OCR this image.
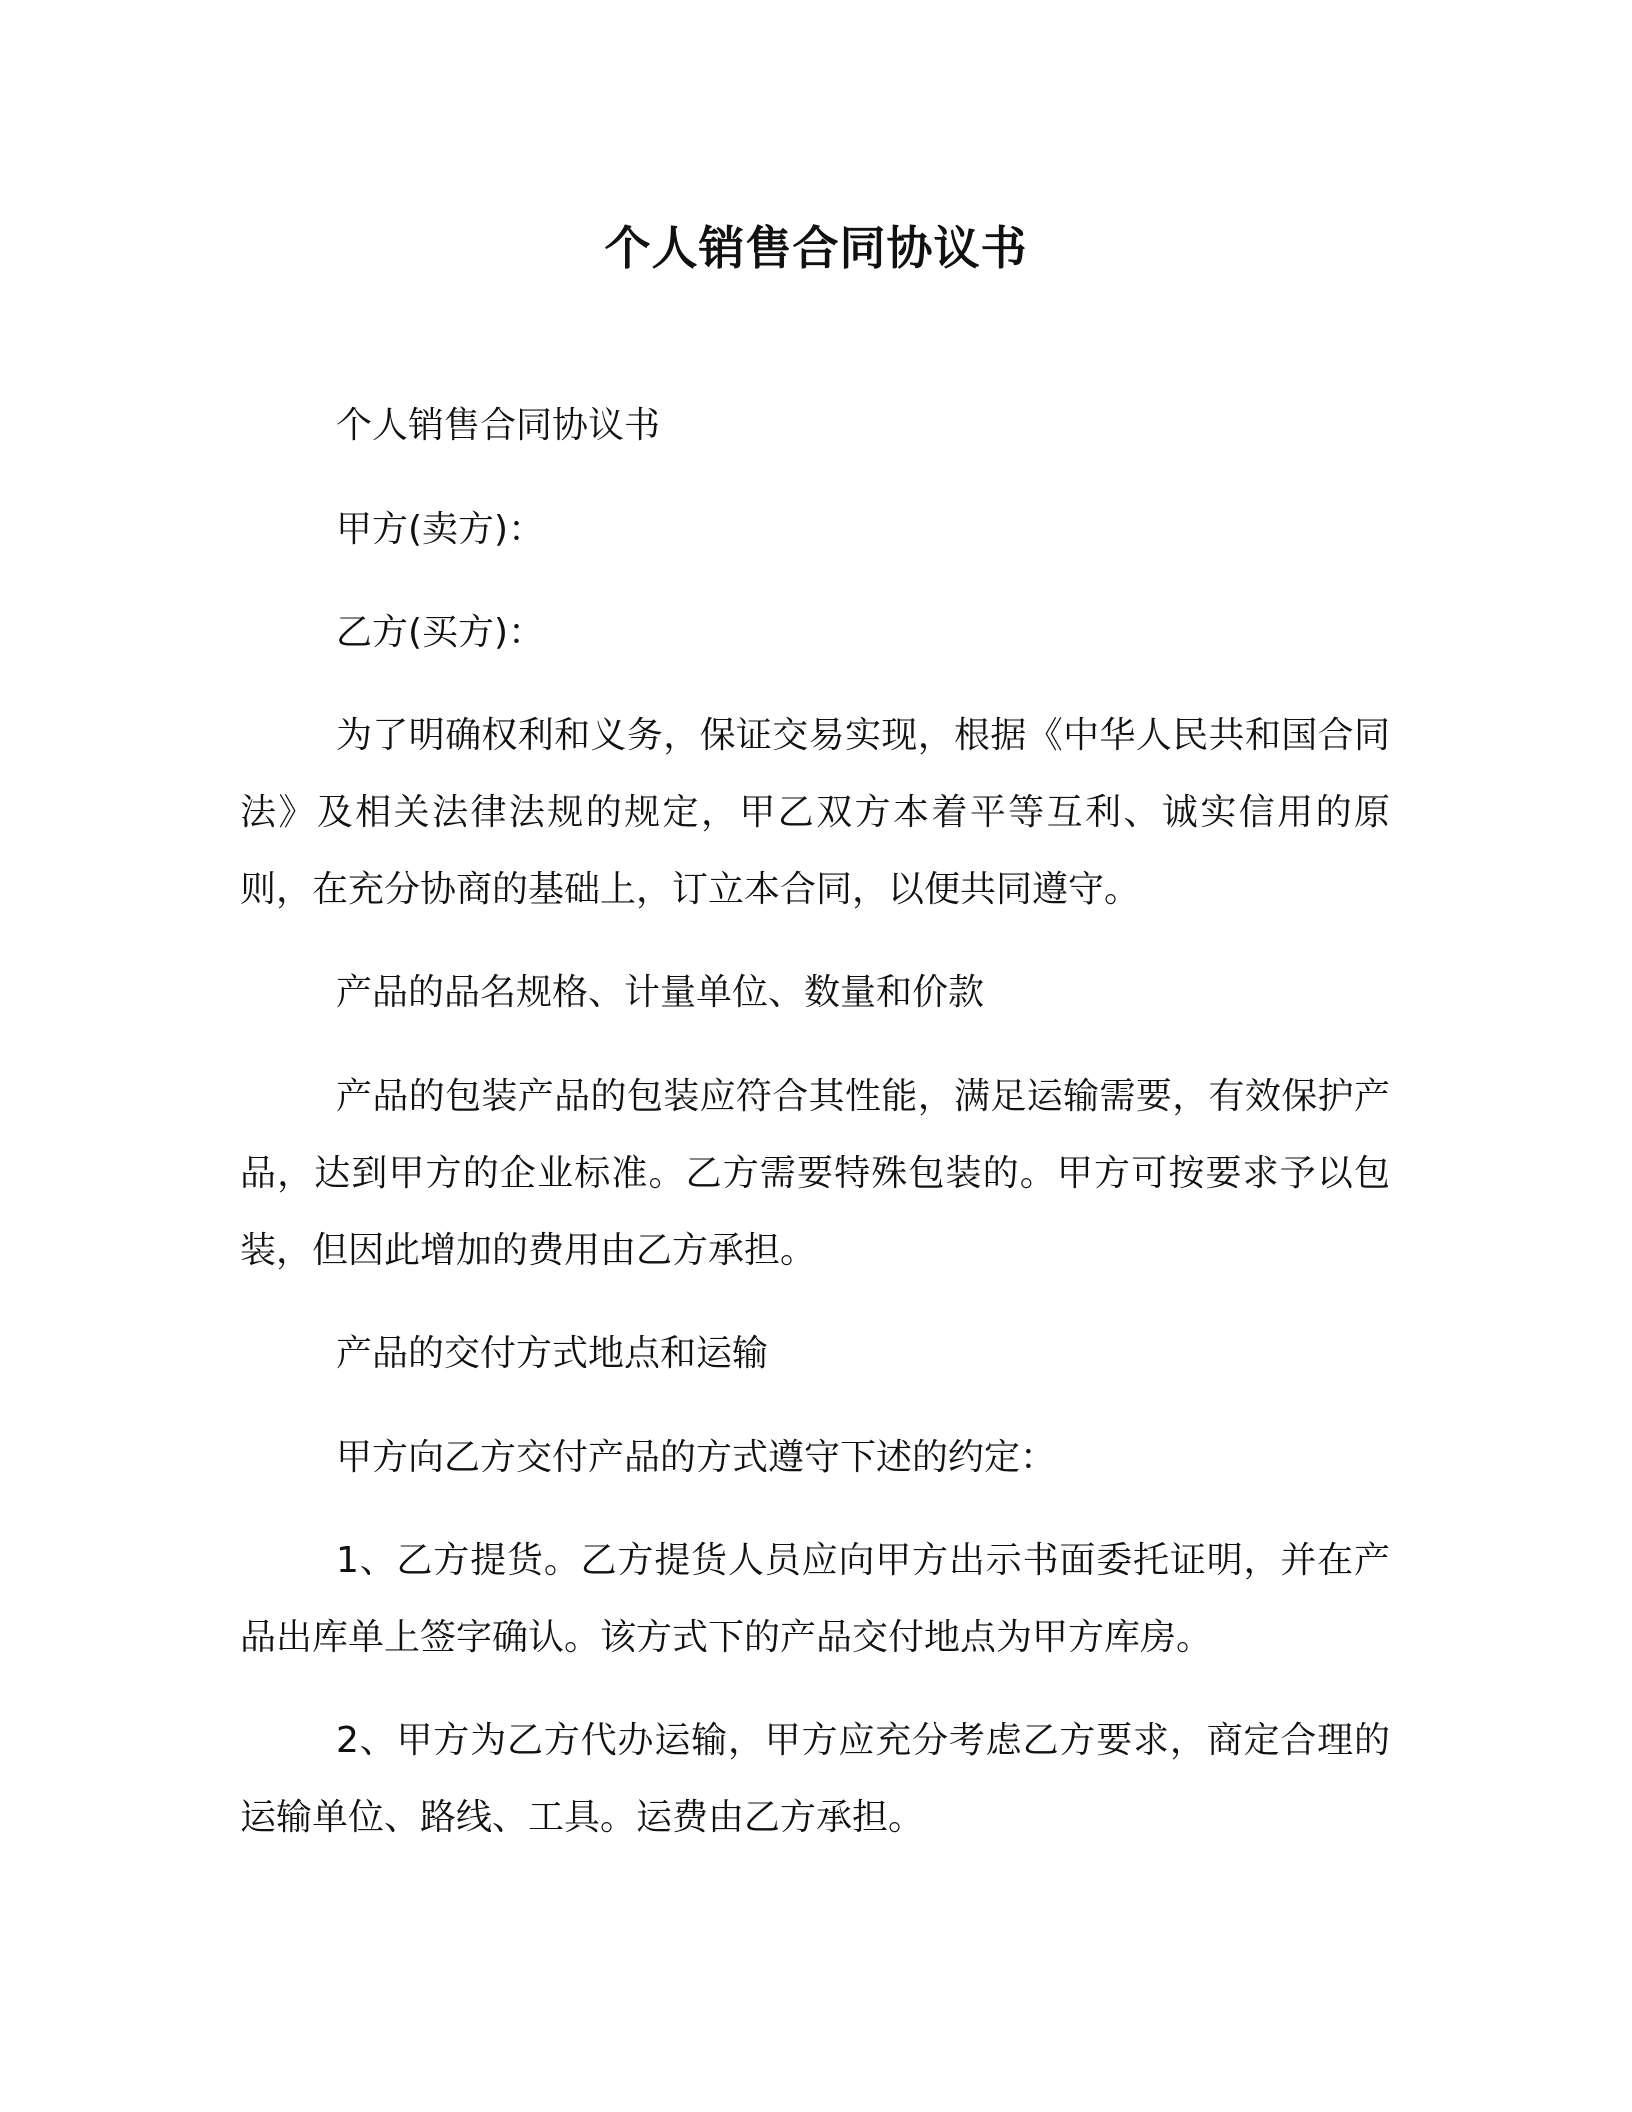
个人销售合同协议书

个人销售合同协议书

甲方(卖方)：

乙方(买方)：

为了明确权利和义务，保证交易实现，根据《中华人民共和国合同法》及相关法律法规的规定，甲乙双方本着平等互利、诚实信用的原则，在充分协商的基础上，订立本合同，以便共同遵守。

产品的品名规格、计量单位、数量和价款

产品的包装产品的包装应符合其性能，满足运输需要，有效保护产品，达到甲方的企业标准。乙方需要特殊包装的。甲方可按要求予以包装，但因此增加的费用由乙方承担。

产品的交付方式地点和运输

甲方向乙方交付产品的方式遵守下述的约定：

1、乙方提货。乙方提货人员应向甲方出示书面委托证明，并在产品出库单上签字确认。该方式下的产品交付地点为甲方库房。

2、甲方为乙方代办运输，甲方应充分考虑乙方要求，商定合理的运输单位、路线、工具。运费由乙方承担。
